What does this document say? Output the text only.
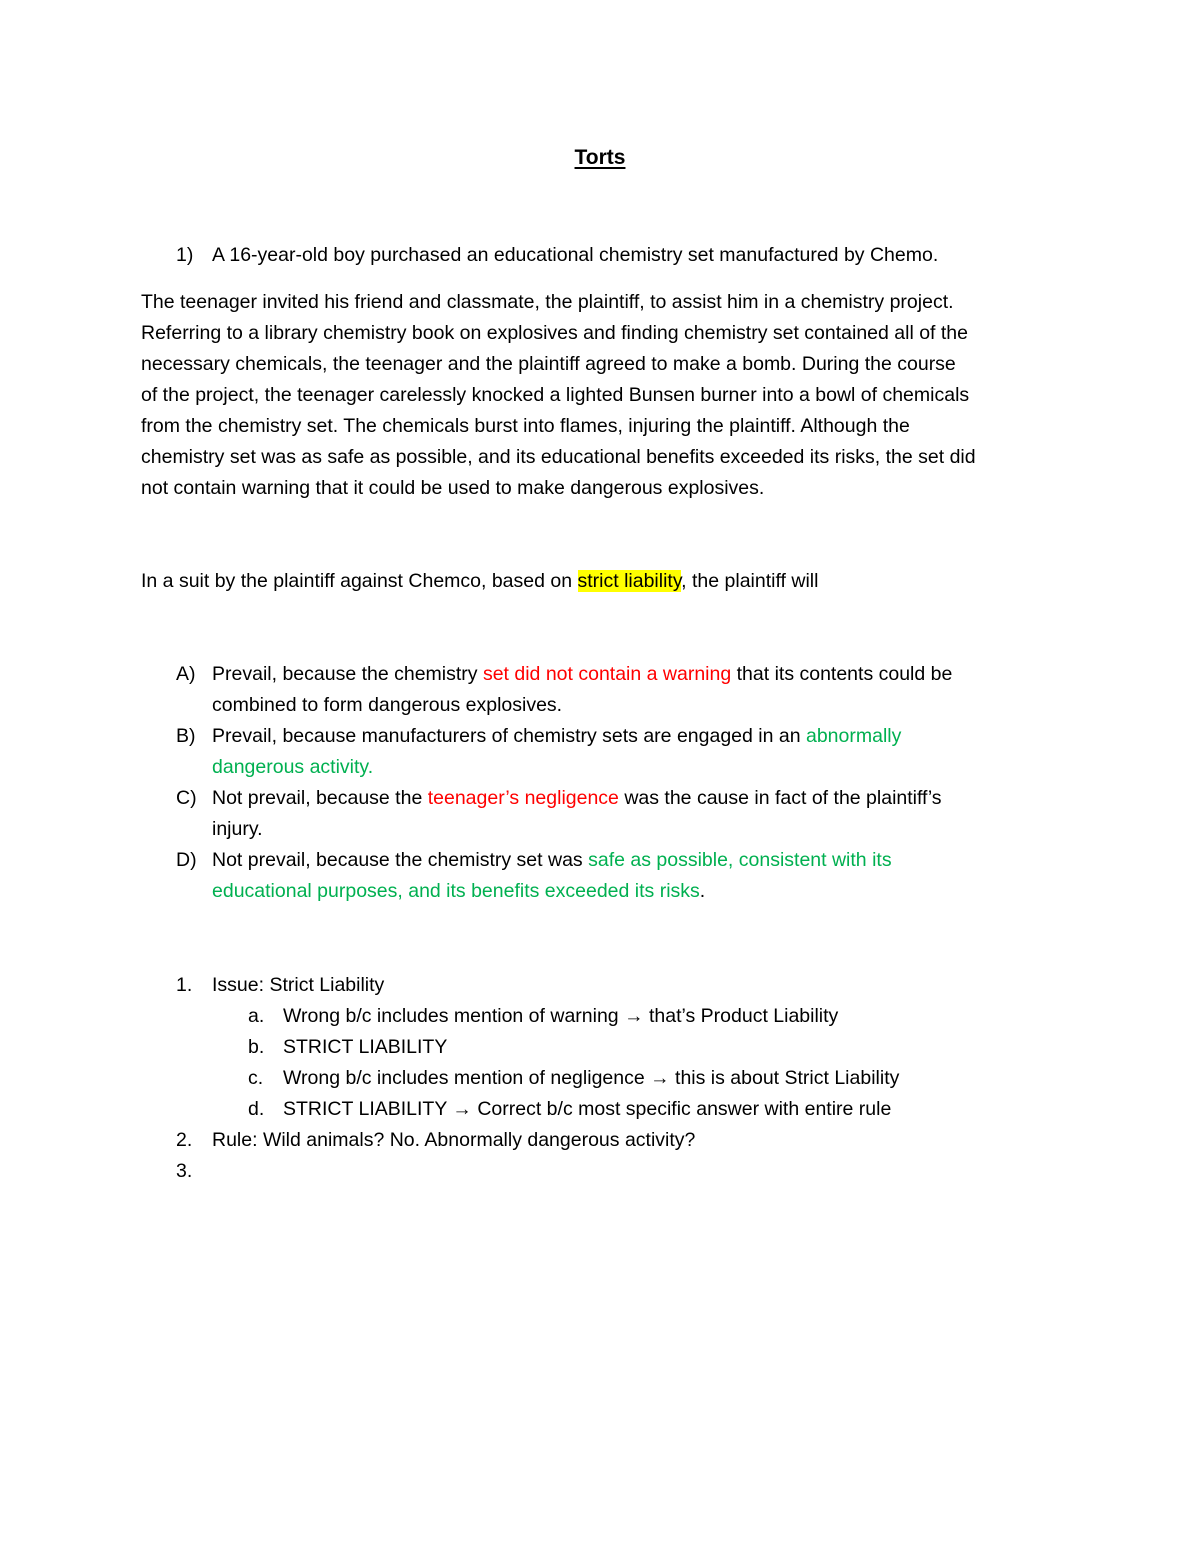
Torts
1) A 16-year-old boy purchased an educational chemistry set manufactured by Chemo.
The teenager invited his friend and classmate, the plaintiff, to assist him in a chemistry project.
Referring to a library chemistry book on explosives and finding chemistry set contained all of the
necessary chemicals, the teenager and the plaintiff agreed to make a bomb. During the course
of the project, the teenager carelessly knocked a lighted Bunsen burner into a bowl of chemicals
from the chemistry set. The chemicals burst into flames, injuring the plaintiff. Although the
chemistry set was as safe as possible, and its educational benefits exceeded its risks, the set did
not contain warning that it could be used to make dangerous explosives.
In a suit by the plaintiff against Chemco, based on strict liability, the plaintiff will
A) Prevail, because the chemistry set did not contain a warning that its contents could be
combined to form dangerous explosives.
B) Prevail, because manufacturers of chemistry sets are engaged in an abnormally
dangerous activity.
C) Not prevail, because the teenager’s negligence was the cause in fact of the plaintiff’s
injury.
D) Not prevail, because the chemistry set was safe as possible, consistent with its
educational purposes, and its benefits exceeded its risks.
1. Issue: Strict Liability
a. Wrong b/c includes mention of warning → that’s Product Liability
b. STRICT LIABILITY
c. Wrong b/c includes mention of negligence → this is about Strict Liability
d. STRICT LIABILITY → Correct b/c most specific answer with entire rule
2. Rule: Wild animals? No. Abnormally dangerous activity?
3.
